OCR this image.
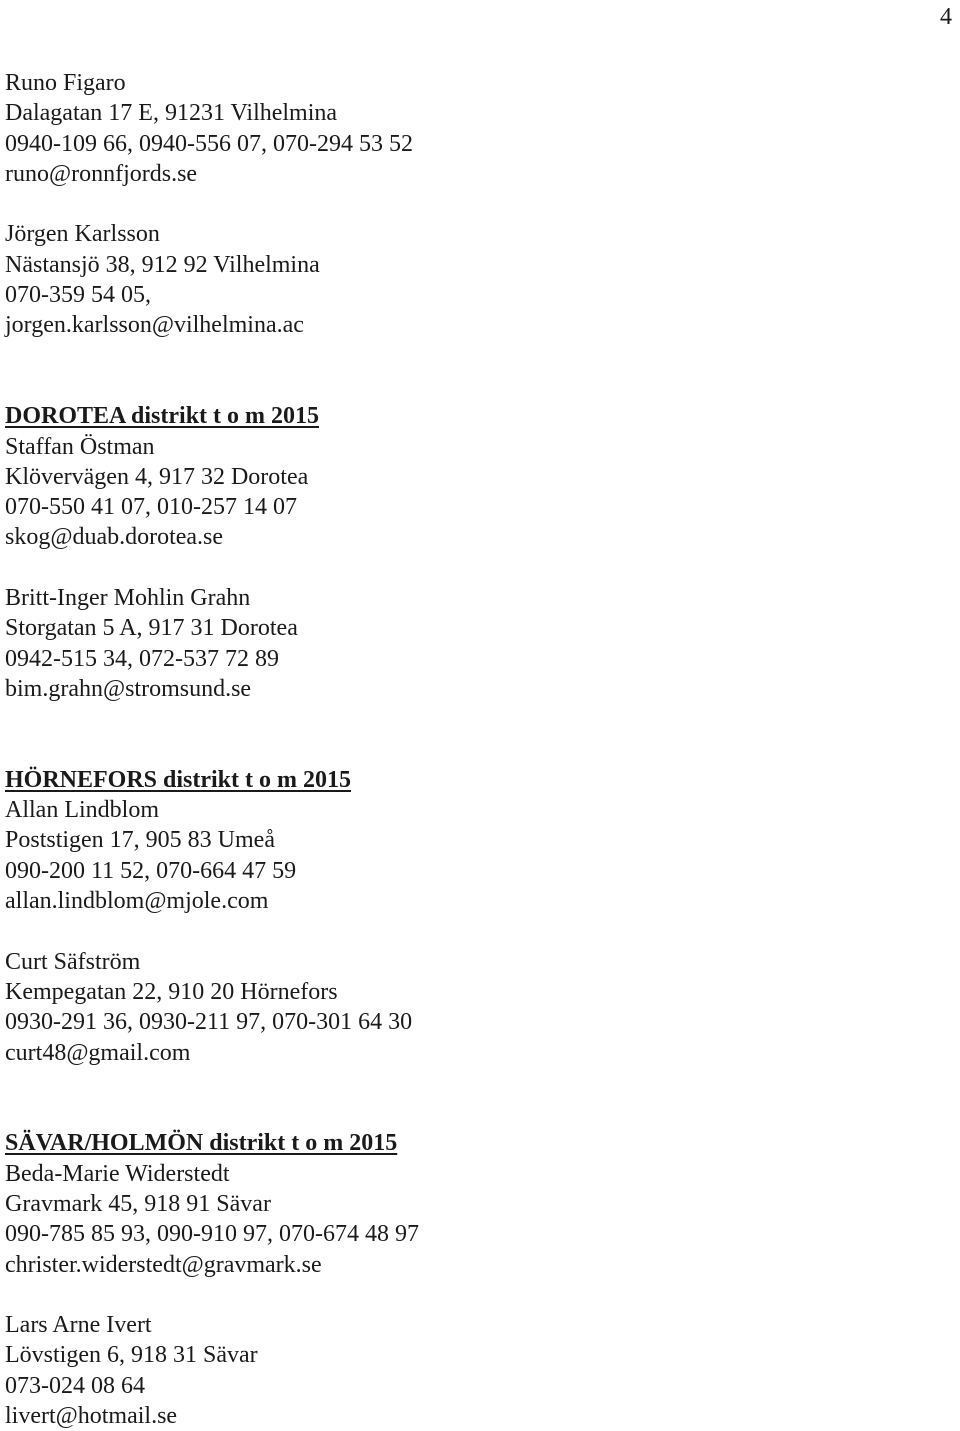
4
Runo Figaro
Dalagatan 17 E, 91231 Vilhelmina
0940-109 66, 0940-556 07, 070-294 53 52
runo@ronnfjords.se
Jörgen Karlsson
Nästansjö 38, 912 92 Vilhelmina
070-359 54 05,
jorgen.karlsson@vilhelmina.ac
DOROTEA distrikt t o m 2015
Staffan Östman
Klövervägen 4, 917 32 Dorotea
070-550 41 07, 010-257 14 07
skog@duab.dorotea.se
Britt-Inger Mohlin Grahn
Storgatan 5 A, 917 31 Dorotea
0942-515 34, 072-537 72 89
bim.grahn@stromsund.se
HÖRNEFORS distrikt t o m 2015
Allan Lindblom
Poststigen 17, 905 83 Umeå
090-200 11 52, 070-664 47 59
allan.lindblom@mjole.com
Curt Säfström
Kempegatan 22, 910 20 Hörnefors
0930-291 36, 0930-211 97, 070-301 64 30
curt48@gmail.com
SÄVAR/HOLMÖN distrikt t o m 2015
Beda-Marie Widerstedt
Gravmark 45, 918 91 Sävar
090-785 85 93, 090-910 97, 070-674 48 97
christer.widerstedt@gravmark.se
Lars Arne Ivert
Lövstigen 6, 918 31 Sävar
073-024 08 64
livert@hotmail.se
